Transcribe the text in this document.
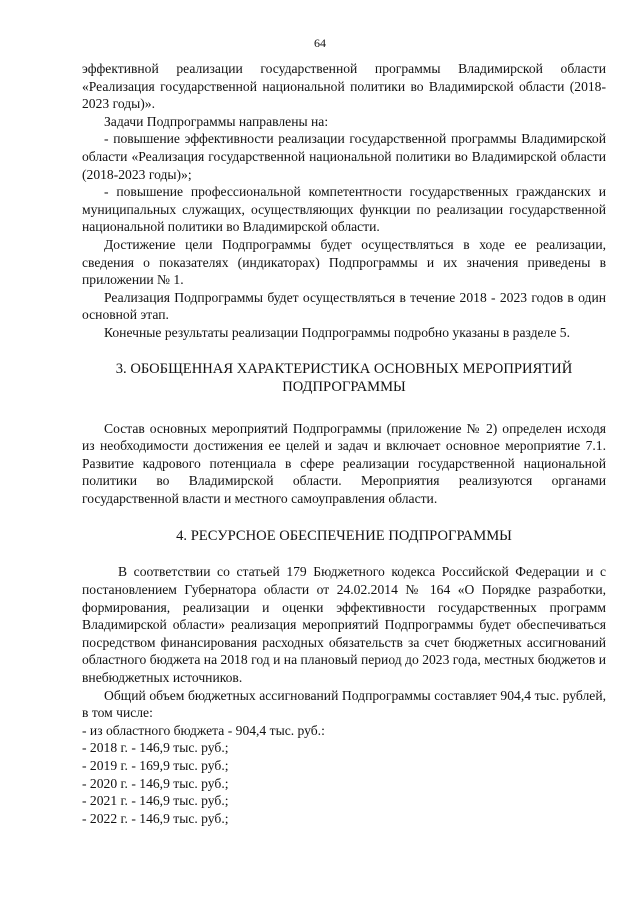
64

эффективной реализации государственной программы Владимирской области «Реализация государственной национальной политики во Владимирской области (2018-2023 годы)».

Задачи Подпрограммы направлены на:

- повышение эффективности реализации государственной программы Владимирской области «Реализация государственной национальной политики во Владимирской области (2018-2023 годы)»;

- повышение профессиональной компетентности государственных гражданских и муниципальных служащих, осуществляющих функции по реализации государственной национальной политики во Владимирской области.

Достижение цели Подпрограммы будет осуществляться в ходе ее реализации, сведения о показателях (индикаторах) Подпрограммы и их значения приведены в приложении № 1.

Реализация Подпрограммы будет осуществляться в течение 2018 - 2023 годов в один основной этап.

Конечные результаты реализации Подпрограммы подробно указаны в разделе 5.

3. ОБОБЩЕННАЯ ХАРАКТЕРИСТИКА ОСНОВНЫХ МЕРОПРИЯТИЙ ПОДПРОГРАММЫ

Состав основных мероприятий Подпрограммы (приложение № 2) определен исходя из необходимости достижения ее целей и задач и включает основное мероприятие 7.1. Развитие кадрового потенциала в сфере реализации государственной национальной политики во Владимирской области. Мероприятия реализуются органами государственной власти и местного самоуправления области.

4. РЕСУРСНОЕ ОБЕСПЕЧЕНИЕ ПОДПРОГРАММЫ

В соответствии со статьей 179 Бюджетного кодекса Российской Федерации и с постановлением Губернатора области от 24.02.2014 № 164 «О Порядке разработки, формирования, реализации и оценки эффективности государственных программ Владимирской области» реализация мероприятий Подпрограммы будет обеспечиваться посредством финансирования расходных обязательств за счет бюджетных ассигнований областного бюджета на 2018 год и на плановый период до 2023 года, местных бюджетов и внебюджетных источников.

Общий объем бюджетных ассигнований Подпрограммы составляет 904,4 тыс. рублей, в том числе:

- из областного бюджета - 904,4 тыс. руб.:
- 2018 г. - 146,9 тыс. руб.;
- 2019 г. - 169,9 тыс. руб.;
- 2020 г. - 146,9 тыс. руб.;
- 2021 г. - 146,9 тыс. руб.;
- 2022 г. - 146,9 тыс. руб.;
